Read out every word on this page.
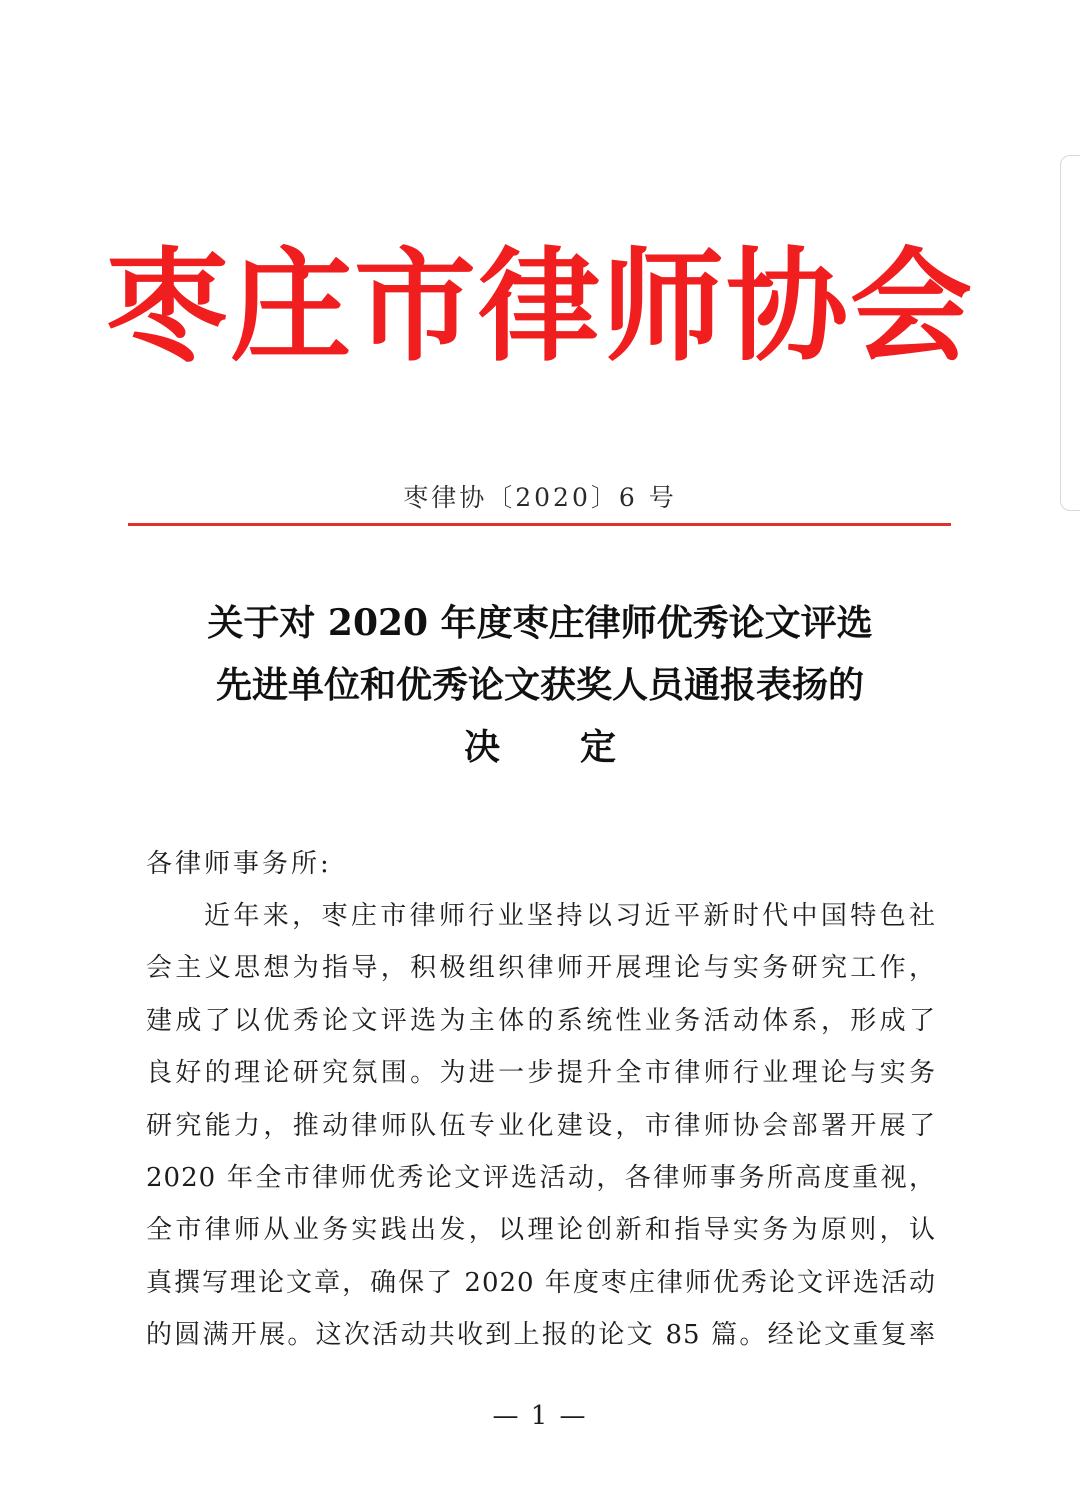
枣庄市律师协会
枣律协〔2020〕6 号
关于对 2020 年度枣庄律师优秀论文评选
先进单位和优秀论文获奖人员通报表扬的
决定
各律师事务所:
近年来，枣庄市律师行业坚持以习近平新时代中国特色社
会主义思想为指导，积极组织律师开展理论与实务研究工作，
建成了以优秀论文评选为主体的系统性业务活动体系，形成了
良好的理论研究氛围。为进一步提升全市律师行业理论与实务
研究能力，推动律师队伍专业化建设，市律师协会部署开展了
2020 年全市律师优秀论文评选活动，各律师事务所高度重视，
全市律师从业务实践出发，以理论创新和指导实务为原则，认
真撰写理论文章，确保了 2020 年度枣庄律师优秀论文评选活动
的圆满开展。这次活动共收到上报的论文 85 篇。经论文重复率
— 1 —
